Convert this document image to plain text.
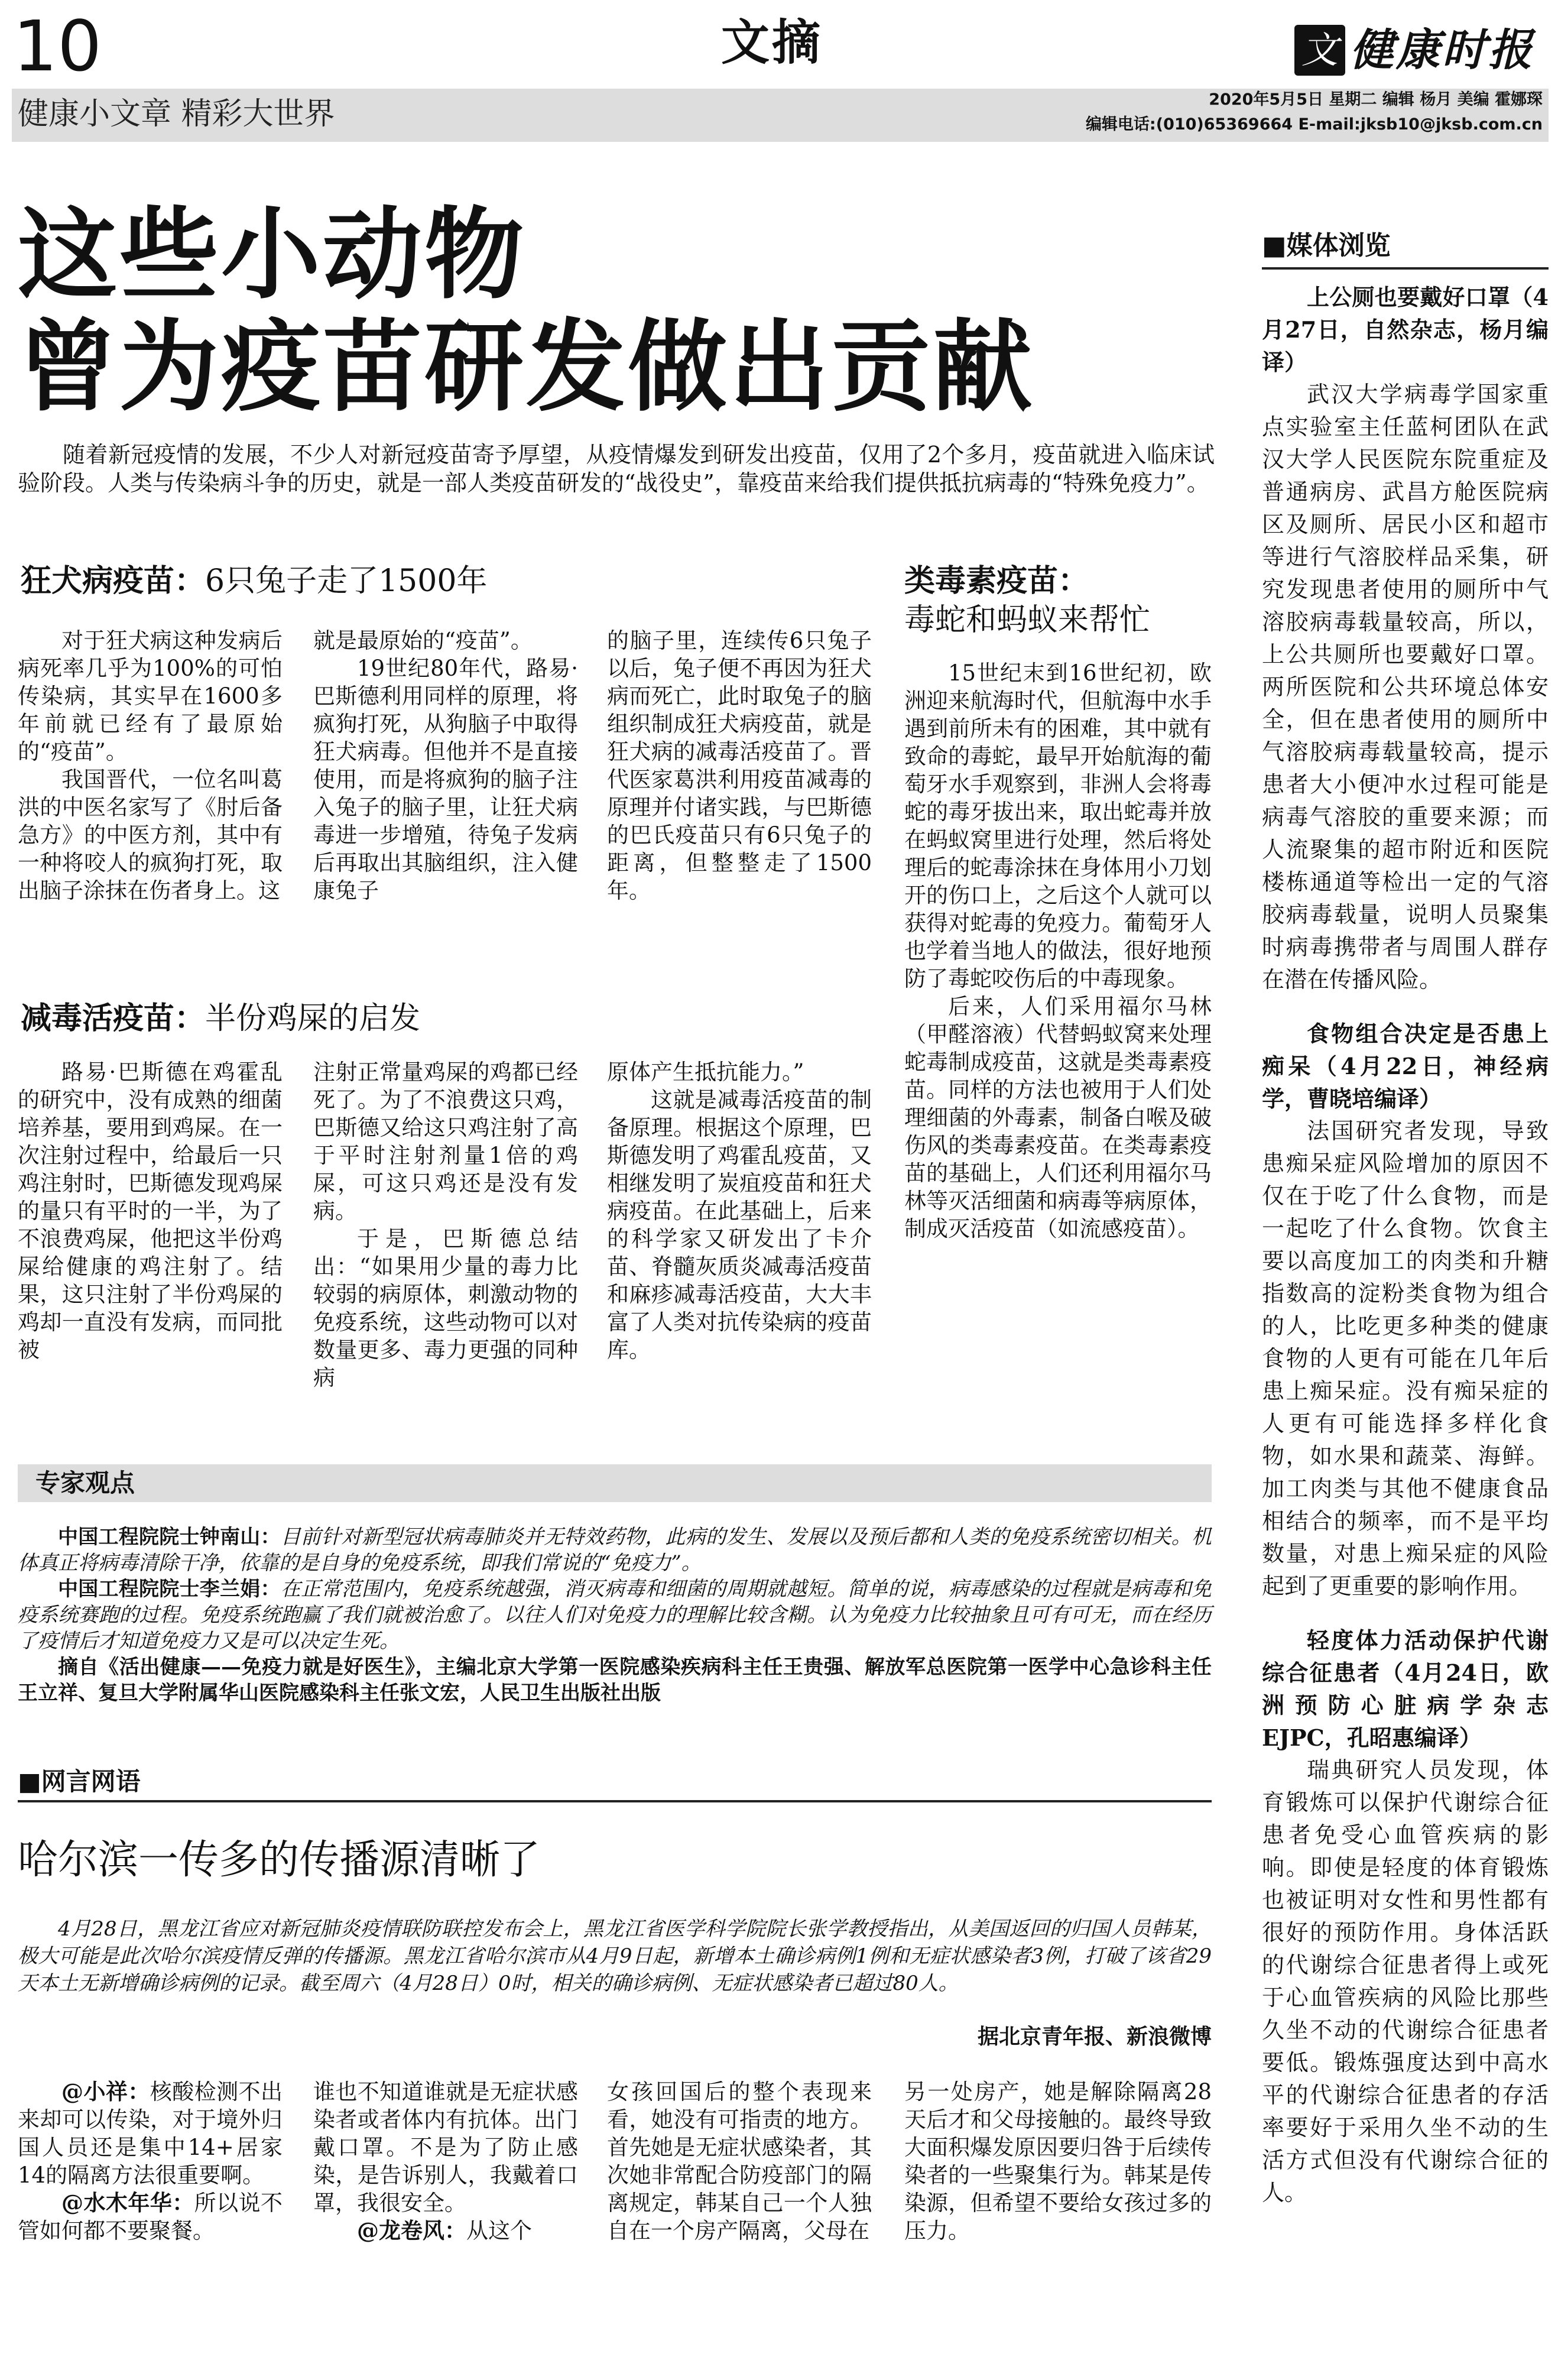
10	文摘	文 健康时报
健康小文章 精彩大世界	2020年5月5日 星期二 编辑 杨月 美编 霍娜琛
编辑电话:(010)65369664 E-mail:jksb10@jksb.com.cn
这些小动物
曾为疫苗研发做出贡献

随着新冠疫情的发展，不少人对新冠疫苗寄予厚望，从疫情爆发到研发出疫苗，仅用了2个多月，疫苗就进入临床试验阶段。人类与传染病斗争的历史，就是一部人类疫苗研发的“战役史”，靠疫苗来给我们提供抵抗病毒的“特殊免疫力”。

狂犬病疫苗：6只兔子走了1500年

对于狂犬病这种发病后病死率几乎为100%的可怕传染病，其实早在1600多年前就已经有了最原始的“疫苗”。

我国晋代，一位名叫葛洪的中医名家写了《肘后备急方》的中医方剂，其中有一种将咬人的疯狗打死，取出脑子涂抹在伤者身上。这

就是最原始的“疫苗”。

19世纪80年代，路易·巴斯德利用同样的原理，将疯狗打死，从狗脑子中取得狂犬病毒。但他并不是直接使用，而是将疯狗的脑子注入兔子的脑子里，让狂犬病毒进一步增殖，待兔子发病后再取出其脑组织，注入健康兔子

的脑子里，连续传6只兔子以后，兔子便不再因为狂犬病而死亡，此时取兔子的脑组织制成狂犬病疫苗，就是狂犬病的减毒活疫苗了。晋代医家葛洪利用疫苗减毒的原理并付诸实践，与巴斯德的巴氏疫苗只有6只兔子的距离，但整整走了1500年。
减毒活疫苗：半份鸡屎的启发

路易·巴斯德在鸡霍乱的研究中，没有成熟的细菌培养基，要用到鸡屎。在一次注射过程中，给最后一只鸡注射时，巴斯德发现鸡屎的量只有平时的一半，为了不浪费鸡屎，他把这半份鸡屎给健康的鸡注射了。结果，这只注射了半份鸡屎的鸡却一直没有发病，而同批被

注射正常量鸡屎的鸡都已经死了。为了不浪费这只鸡，巴斯德又给这只鸡注射了高于平时注射剂量1倍的鸡屎，可这只鸡还是没有发病。

于是，巴斯德总结出：“如果用少量的毒力比较弱的病原体，刺激动物的免疫系统，这些动物可以对数量更多、毒力更强的同种病

原体产生抵抗能力。”

这就是减毒活疫苗的制备原理。根据这个原理，巴斯德发明了鸡霍乱疫苗，又相继发明了炭疽疫苗和狂犬病疫苗。在此基础上，后来的科学家又研发出了卡介苗、脊髓灰质炎减毒活疫苗和麻疹减毒活疫苗，大大丰富了人类对抗传染病的疫苗库。

类毒素疫苗：
毒蛇和蚂蚁来帮忙

15世纪末到16世纪初，欧洲迎来航海时代，但航海中水手遇到前所未有的困难，其中就有致命的毒蛇，最早开始航海的葡萄牙水手观察到，非洲人会将毒蛇的毒牙拔出来，取出蛇毒并放在蚂蚁窝里进行处理，然后将处理后的蛇毒涂抹在身体用小刀划开的伤口上，之后这个人就可以获得对蛇毒的免疫力。葡萄牙人也学着当地人的做法，很好地预防了毒蛇咬伤后的中毒现象。

后来，人们采用福尔马林（甲醛溶液）代替蚂蚁窝来处理蛇毒制成疫苗，这就是类毒素疫苗。同样的方法也被用于人们处理细菌的外毒素，制备白喉及破伤风的类毒素疫苗。在类毒素疫苗的基础上，人们还利用福尔马林等灭活细菌和病毒等病原体，制成灭活疫苗（如流感疫苗）。

专家观点

中国工程院院士钟南山：目前针对新型冠状病毒肺炎并无特效药物，此病的发生、发展以及预后都和人类的免疫系统密切相关。机体真正将病毒清除干净，依靠的是自身的免疫系统，即我们常说的“免疫力”。

中国工程院院士李兰娟：在正常范围内，免疫系统越强，消灭病毒和细菌的周期就越短。简单的说，病毒感染的过程就是病毒和免疫系统赛跑的过程。免疫系统跑赢了我们就被治愈了。以往人们对免疫力的理解比较含糊。认为免疫力比较抽象且可有可无，而在经历了疫情后才知道免疫力又是可以决定生死。

摘自《活出健康——免疫力就是好医生》，主编北京大学第一医院感染疾病科主任王贵强、解放军总医院第一医学中心急诊科主任王立祥、复旦大学附属华山医院感染科主任张文宏，人民卫生出版社出版

■网言网语
哈尔滨一传多的传播源清晰了

4月28日，黑龙江省应对新冠肺炎疫情联防联控发布会上，黑龙江省医学科学院院长张学教授指出，从美国返回的归国人员韩某，极大可能是此次哈尔滨疫情反弹的传播源。黑龙江省哈尔滨市从4月9日起，新增本土确诊病例1例和无症状感染者3例，打破了该省29天本土无新增确诊病例的记录。截至周六（4月28日）0时，相关的确诊病例、无症状感染者已超过80人。

据北京青年报、新浪微博

@小祥：核酸检测不出来却可以传染，对于境外归国人员还是集中14+居家14的隔离方法很重要啊。

@水木年华：所以说不管如何都不要聚餐。

谁也不知道谁就是无症状感染者或者体内有抗体。出门戴口罩。不是为了防止感染，是告诉别人，我戴着口罩，我很安全。

@龙卷风：从这个

女孩回国后的整个表现来看，她没有可指责的地方。首先她是无症状感染者，其次她非常配合防疫部门的隔离规定，韩某自己一个人独自在一个房产隔离，父母在
另一处房产，她是解除隔离28天后才和父母接触的。最终导致大面积爆发原因要归咎于后续传染者的一些聚集行为。韩某是传染源，但希望不要给女孩过多的压力。
■媒体浏览

上公厕也要戴好口罩（4月27日，自然杂志，杨月编译）

武汉大学病毒学国家重点实验室主任蓝柯团队在武汉大学人民医院东院重症及普通病房、武昌方舱医院病区及厕所、居民小区和超市等进行气溶胶样品采集，研究发现患者使用的厕所中气溶胶病毒载量较高，所以，上公共厕所也要戴好口罩。两所医院和公共环境总体安全，但在患者使用的厕所中气溶胶病毒载量较高，提示患者大小便冲水过程可能是病毒气溶胶的重要来源；而人流聚集的超市附近和医院楼栋通道等检出一定的气溶胶病毒载量，说明人员聚集时病毒携带者与周围人群存在潜在传播风险。

食物组合决定是否患上痴呆（4月22日，神经病学，曹晓培编译）

法国研究者发现，导致患痴呆症风险增加的原因不仅在于吃了什么食物，而是一起吃了什么食物。饮食主要以高度加工的肉类和升糖指数高的淀粉类食物为组合的人，比吃更多种类的健康食物的人更有可能在几年后患上痴呆症。没有痴呆症的人更有可能选择多样化食物，如水果和蔬菜、海鲜。加工肉类与其他不健康食品相结合的频率，而不是平均数量，对患上痴呆症的风险起到了更重要的影响作用。

轻度体力活动保护代谢综合征患者（4月24日，欧洲预防心脏病学杂志EJPC，孔昭惠编译）

瑞典研究人员发现，体育锻炼可以保护代谢综合征患者免受心血管疾病的影响。即使是轻度的体育锻炼也被证明对女性和男性都有很好的预防作用。身体活跃的代谢综合征患者得上或死于心血管疾病的风险比那些久坐不动的代谢综合征患者要低。锻炼强度达到中高水平的代谢综合征患者的存活率要好于采用久坐不动的生活方式但没有代谢综合征的人。
